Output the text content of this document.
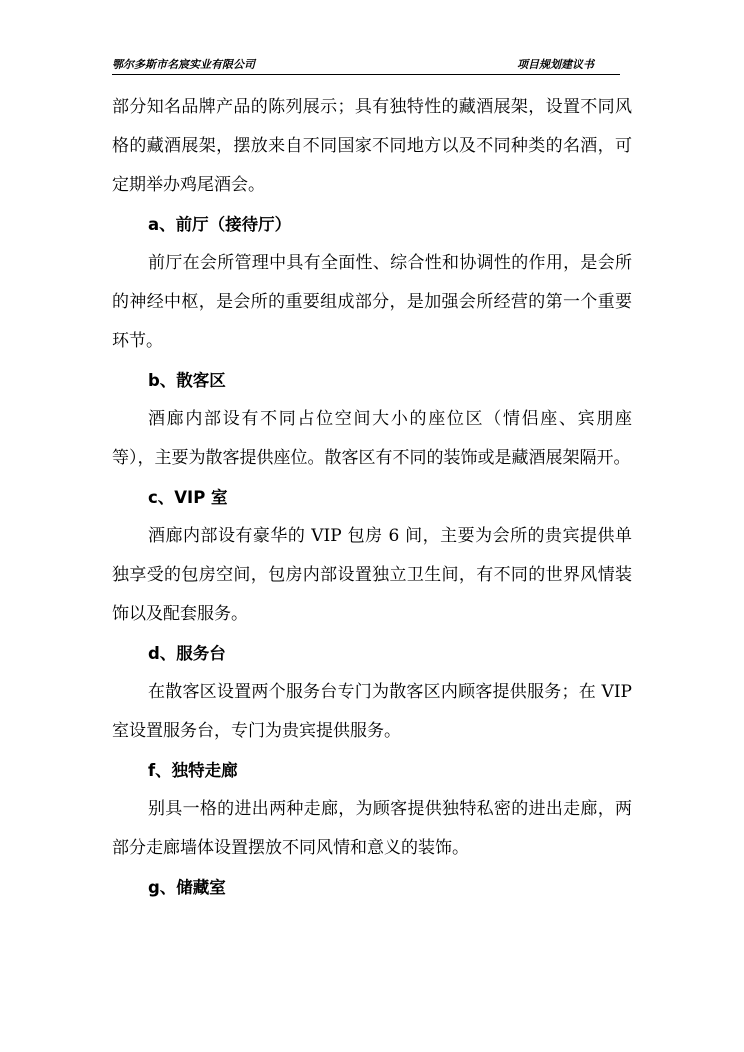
鄂尔多斯市名宸实业有限公司	项目规划建议书

部分知名品牌产品的陈列展示；具有独特性的藏酒展架，设置不同风格的藏酒展架，摆放来自不同国家不同地方以及不同种类的名酒，可定期举办鸡尾酒会。

a、前厅（接待厅）

前厅在会所管理中具有全面性、综合性和协调性的作用，是会所的神经中枢，是会所的重要组成部分，是加强会所经营的第一个重要环节。

b、散客区

酒廊内部设有不同占位空间大小的座位区（情侣座、宾朋座等），主要为散客提供座位。散客区有不同的装饰或是藏酒展架隔开。

c、VIP 室

酒廊内部设有豪华的 VIP 包房 6 间，主要为会所的贵宾提供单独享受的包房空间，包房内部设置独立卫生间，有不同的世界风情装饰以及配套服务。

d、服务台

在散客区设置两个服务台专门为散客区内顾客提供服务；在 VIP 室设置服务台，专门为贵宾提供服务。

f、独特走廊

别具一格的进出两种走廊，为顾客提供独特私密的进出走廊，两部分走廊墙体设置摆放不同风情和意义的装饰。

g、储藏室
